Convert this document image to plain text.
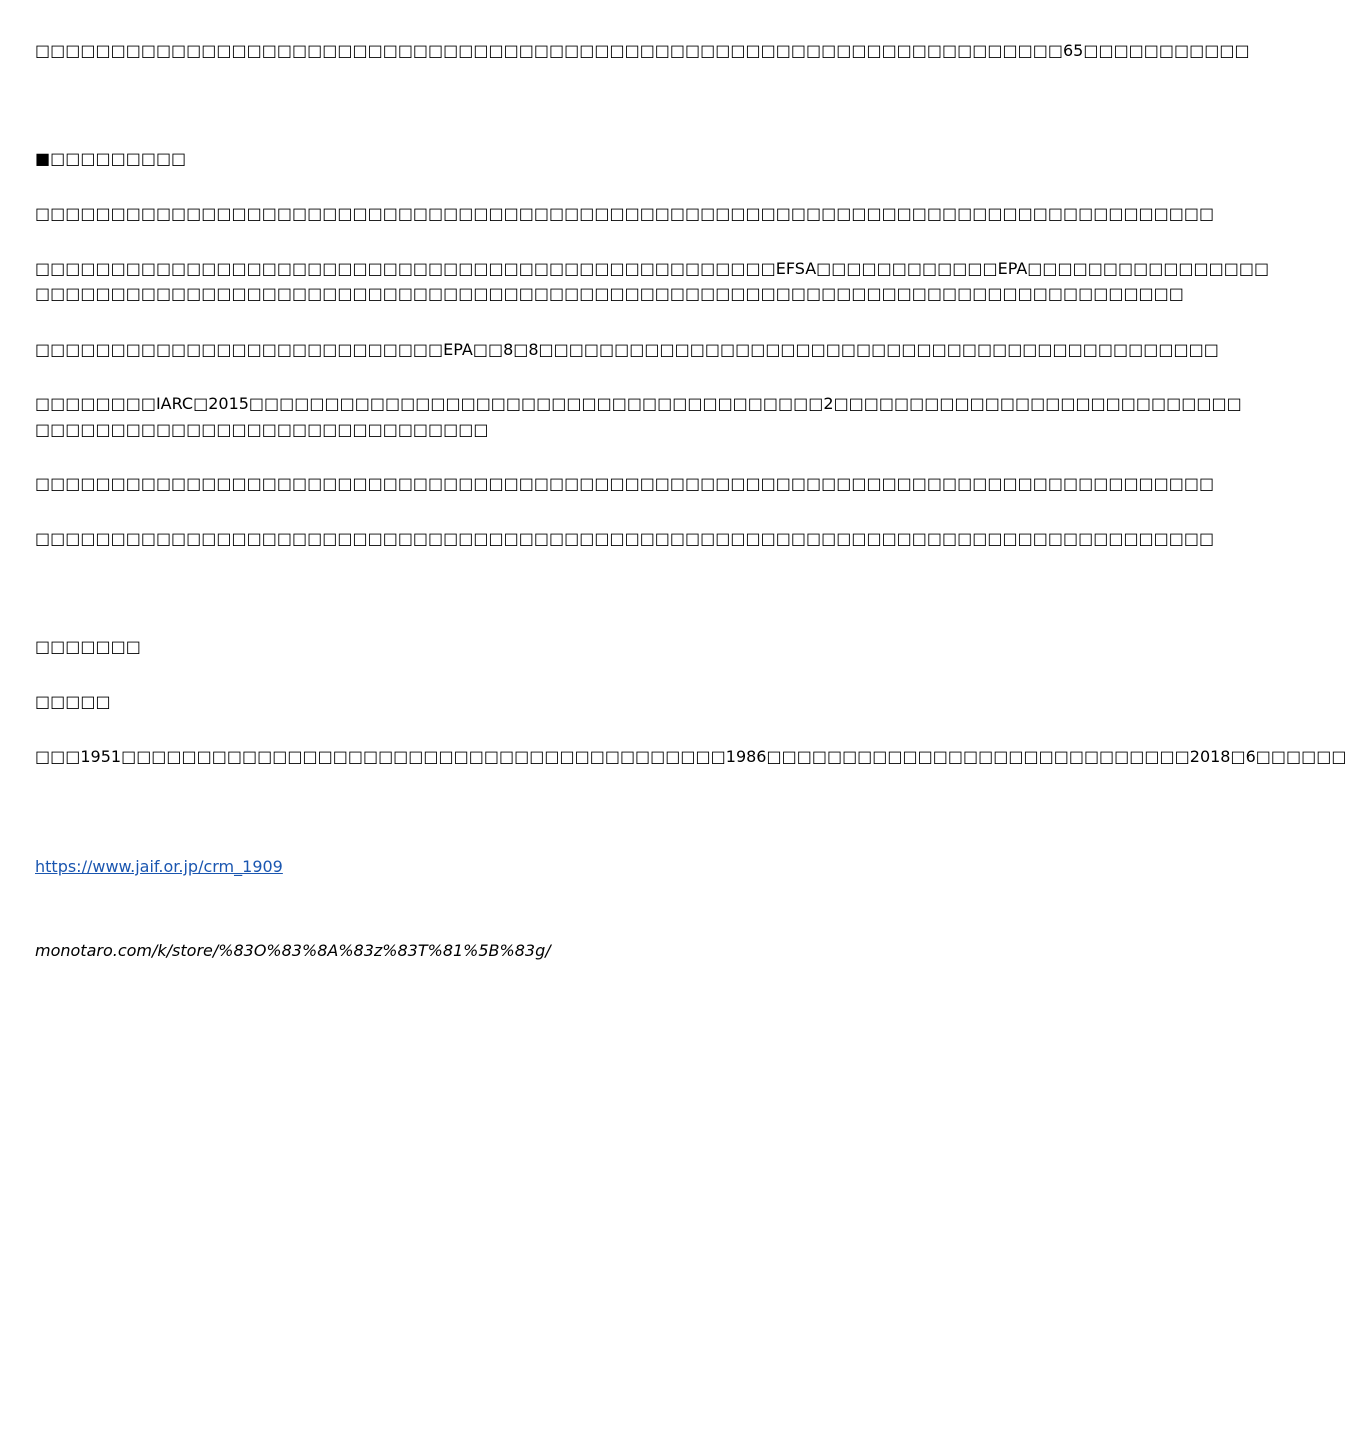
□□□□□□□□□□□□□□□□□□□□□□□□□□□□□□□□□□□□□□□□□□□□□□□□□□□□□□□□□□□□□□□□□□□□65□□□□□□□□□□□
■□□□□□□□□□
□□□□□□□□□□□□□□□□□□□□□□□□□□□□□□□□□□□□□□□□□□□□□□□□□□□□□□□□□□□□□□□□□□□□□□□□□□□□□□
□□□□□□□□□□□□□□□□□□□□□□□□□□□□□□□□□□□□□□□□□□□□□□□□□EFSA□□□□□□□□□□□□EPA□□□□□□□□□□□□□□□□
□□□□□□□□□□□□□□□□□□□□□□□□□□□□□□□□□□□□□□□□□□□□□□□□□□□□□□□□□□□□□□□□□□□□□□□□□□□□
□□□□□□□□□□□□□□□□□□□□□□□□□□□EPA□□8□8□□□□□□□□□□□□□□□□□□□□□□□□□□□□□□□□□□□□□□□□□□□□□
□□□□□□□□IARC□2015□□□□□□□□□□□□□□□□□□□□□□□□□□□□□□□□□□□□□□2□□□□□□□□□□□□□□□□□□□□□□□□□□□
□□□□□□□□□□□□□□□□□□□□□□□□□□□□□□
□□□□□□□□□□□□□□□□□□□□□□□□□□□□□□□□□□□□□□□□□□□□□□□□□□□□□□□□□□□□□□□□□□□□□□□□□□□□□□
□□□□□□□□□□□□□□□□□□□□□□□□□□□□□□□□□□□□□□□□□□□□□□□□□□□□□□□□□□□□□□□□□□□□□□□□□□□□□□
□□□□□□□
□□□□□
□□□1951□□□□□□□□□□□□□□□□□□□□□□□□□□□□□□□□□□□□□□□□1986□□□□□□□□□□□□□□□□□□□□□□□□□□□□2018□6□□□□□□
https://www.jaif.or.jp/crm_1909
monotaro.com/k/store/%83O%83%8A%83z%83T%81%5B%83g/
